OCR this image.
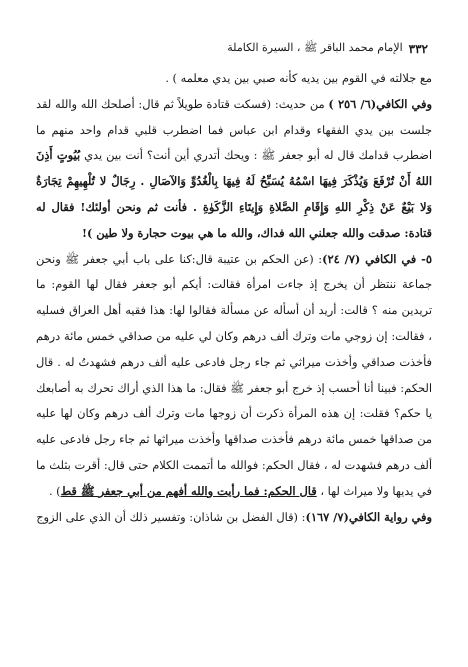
٣٣٢
الإمام محمد الباقر ﷺ ، السيرة الكاملة

مع جلالته في القوم بين يديه كأنه صبي بين يدي معلمه ) .

وفي الكافي(٦/ ٢٥٦ ) من حديث: (فسكت قتادة طويلاً ثم قال: أصلحك الله والله لقد جلست بين يدي الفقهاء وقدام ابن عباس فما اضطرب قلبي قدام واحد منهم ما اضطرب قدامك قال له أبو جعفر ﷺ : ويحك أتدري أين أنت؟ أنت بين يدي بُيُوتٍ أَذِنَ اللهُ أَنْ تُرْفَعَ وَيُذْكَرَ فِيهَا اسْمُهُ يُسَبِّحُ لَهُ فِيهَا بِالْغُدُوِّ وَالآصَالِ . رِجَالٌ لا تُلْهِيهِمْ تِجَارَةٌ وَلا بَيْعٌ عَنْ ذِكْرِ اللهِ وَإِقَامِ الصَّلاةِ وَإِيتَاءِ الزَّكَوٰةِ . فأنت ثم ونحن أولئك! فقال له قتادة: صدقت والله جعلني الله فداك، والله ما هي بيوت حجارة ولا طين )!

٥- في الكافي (٧/ ٢٤): (عن الحكم بن عتيبة قال:كنا على باب أبي جعفر ﷺ ونحن جماعة ننتظر أن يخرج إذ جاءت امرأة فقالت: أيكم أبو جعفر فقال لها القوم: ما تريدين منه ؟ قالت: أريد أن أسأله عن مسألة فقالوا لها: هذا فقيه أهل العراق فسليه ، فقالت: إن زوجي مات وترك ألف درهم وكان لي عليه من صداقي خمس مائة درهم فأخذت صداقي وأخذت ميراثي ثم جاء رجل فادعى عليه ألف درهم فشهدتُ له . قال الحكم: فبينا أنا أحسب إذ خرج أبو جعفر ﷺ فقال: ما هذا الذي أراك تحرك به أصابعك يا حكم؟ فقلت: إن هذه المرأة ذكرت أن زوجها مات وترك ألف درهم وكان لها عليه من صداقها خمس مائة درهم فأخذت صداقها وأخذت ميراثها ثم جاء رجل فادعى عليه ألف درهم فشهدت له ، فقال الحكم: فوالله ما أتممت الكلام حتى قال: أقرت بثلث ما في يديها ولا ميراث لها ، قال الحكم: فما رأيت والله أفهم من أبي جعفر ﷺ قط) .

وفي رواية الكافي(٧/ ١٦٧): (قال الفضل بن شاذان: وتفسير ذلك أن الذي على الزوج
